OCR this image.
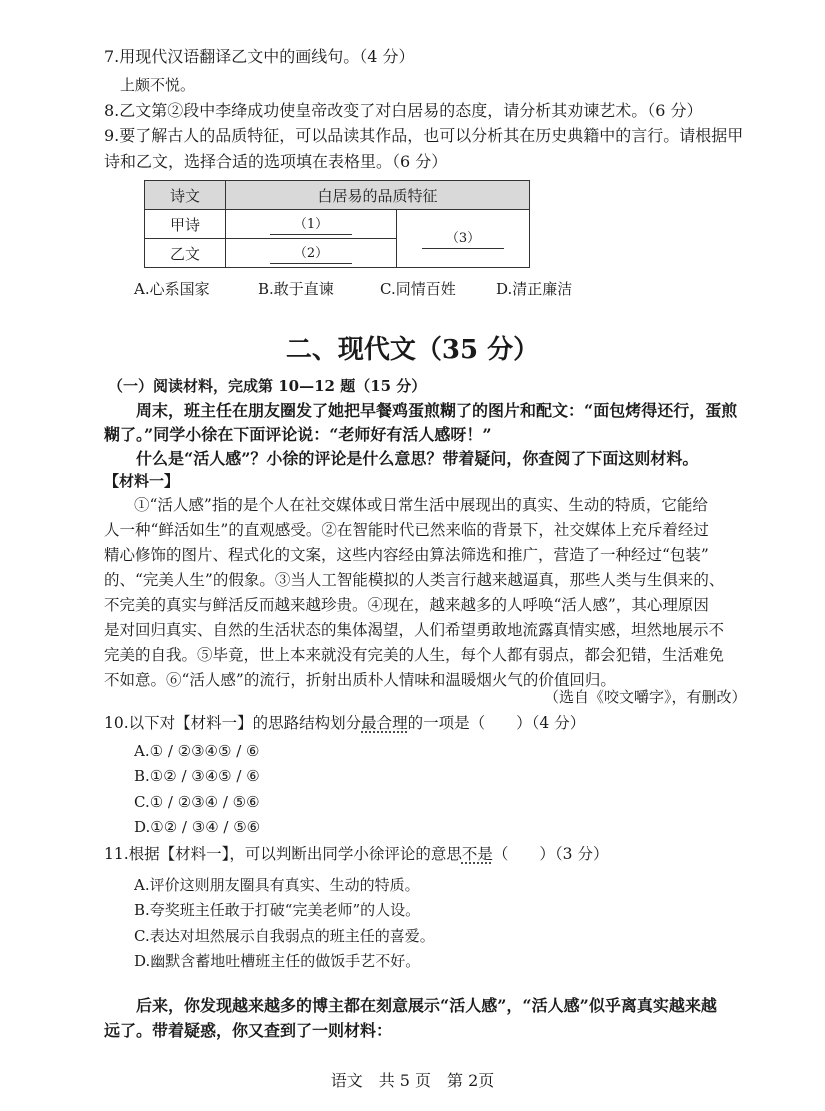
7.用现代汉语翻译乙文中的画线句。（4 分）
上颇不悦。
8.乙文第②段中李绛成功使皇帝改变了对白居易的态度，请分析其劝谏艺术。（6 分）
9.要了解古人的品质特征，可以品读其作品，也可以分析其在历史典籍中的言行。请根据甲
诗和乙文，选择合适的选项填在表格里。（6 分）
诗文	白居易的品质特征	
甲诗	（1）	（3）
乙文	（2）	
A.心系国家	B.敢于直谏	C.同情百姓	D.清正廉洁
二、现代文（35 分）
（一）阅读材料，完成第 10—12 题（15 分）
周末，班主任在朋友圈发了她把早餐鸡蛋煎糊了的图片和配文：“面包烤得还行，蛋煎
糊了。”同学小徐在下面评论说：“老师好有活人感呀！”
什么是“活人感”？小徐的评论是什么意思？带着疑问，你查阅了下面这则材料。
【材料一】
①“活人感”指的是个人在社交媒体或日常生活中展现出的真实、生动的特质，它能给
人一种“鲜活如生”的直观感受。②在智能时代已然来临的背景下，社交媒体上充斥着经过
精心修饰的图片、程式化的文案，这些内容经由算法筛选和推广，营造了一种经过“包装”
的、“完美人生”的假象。③当人工智能模拟的人类言行越来越逼真，那些人类与生俱来的、
不完美的真实与鲜活反而越来越珍贵。④现在，越来越多的人呼唤“活人感”，其心理原因
是对回归真实、自然的生活状态的集体渴望，人们希望勇敢地流露真情实感，坦然地展示不
完美的自我。⑤毕竟，世上本来就没有完美的人生，每个人都有弱点，都会犯错，生活难免
不如意。⑥“活人感”的流行，折射出质朴人情味和温暖烟火气的价值回归。
（选自《咬文嚼字》，有删改）
10.以下对【材料一】的思路结构划分最合理的一项是（　　）（4 分）
A.① / ②③④⑤ / ⑥
B.①② / ③④⑤ / ⑥
C.① / ②③④ / ⑤⑥
D.①② / ③④ / ⑤⑥
11.根据【材料一】，可以判断出同学小徐评论的意思不是（　　）（3 分）
A.评价这则朋友圈具有真实、生动的特质。
B.夸奖班主任敢于打破“完美老师”的人设。
C.表达对坦然展示自我弱点的班主任的喜爱。
D.幽默含蓄地吐槽班主任的做饭手艺不好。
后来，你发现越来越多的博主都在刻意展示“活人感”，“活人感”似乎离真实越来越
远了。带着疑惑，你又查到了一则材料：
语文　共 5 页　第 2页
